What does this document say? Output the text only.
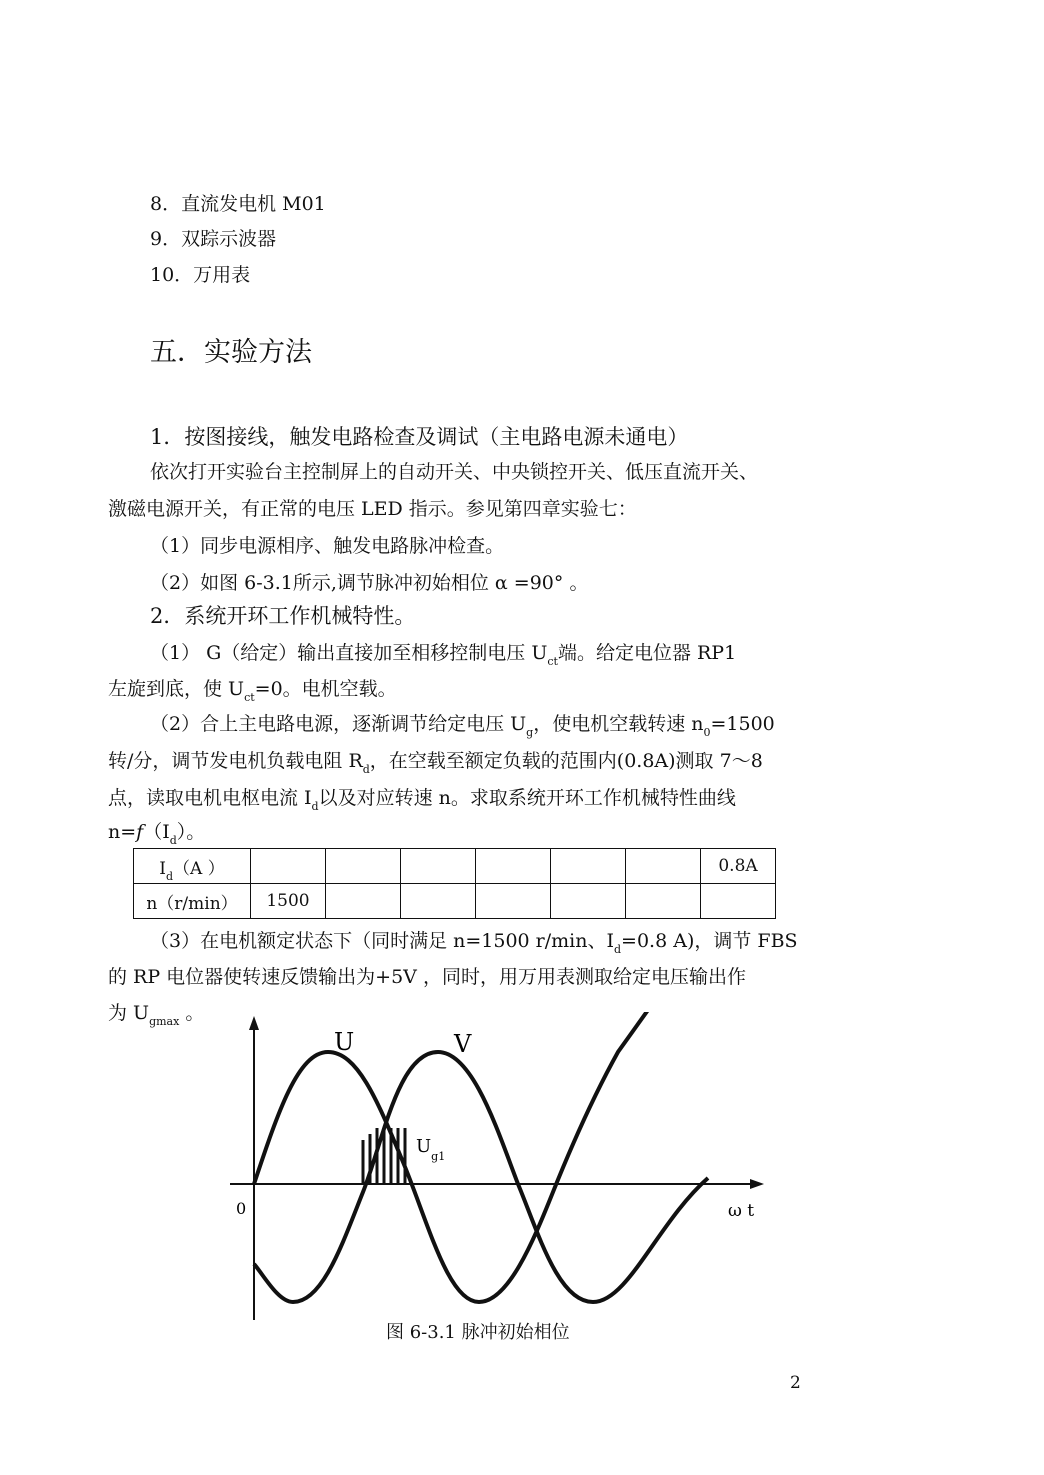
8．直流发电机 M01
9．双踪示波器
10．万用表
五．实验方法
1．按图接线，触发电路检查及调试（主电路电源未通电）
依次打开实验台主控制屏上的自动开关、中央锁控开关、低压直流开关、
激磁电源开关，有正常的电压 LED 指示。参见第四章实验七：
（1）同步电源相序、触发电路脉冲检查。
（2）如图 6-3.1所示,调节脉冲初始相位 α =90° 。
2．系统开环工作机械特性。
（1） G（给定）输出直接加至相移控制电压 $U_{ct}$端。给定电位器 RP1
左旋到底，使 $U_{ct}=0$。电机空载。
（2）合上主电路电源，逐渐调节给定电压 $U_g$，使电机空载转速 $n_0=1500$
转/分，调节发电机负载电阻 $R_d$，在空载至额定负载的范围内(0.8A)测取 7～8
点，读取电机电枢电流 $I_d$以及对应转速 n。求取系统开环工作机械特性曲线
$n=f(I_d)$。
$I_d(A$ ）							0.8A
n（r/min）	1500						
（3）在电机额定状态下（同时满足 n=1500 r/min、$I_d=0.8$ A)，调节 FBS
的 RP 电位器使转速反馈输出为+5V ，同时，用万用表测取给定电压输出作
为 $U_{gmax}$ 。
U	V
$U_{g1}$
0	ω t
图 6-3.1 脉冲初始相位
2
